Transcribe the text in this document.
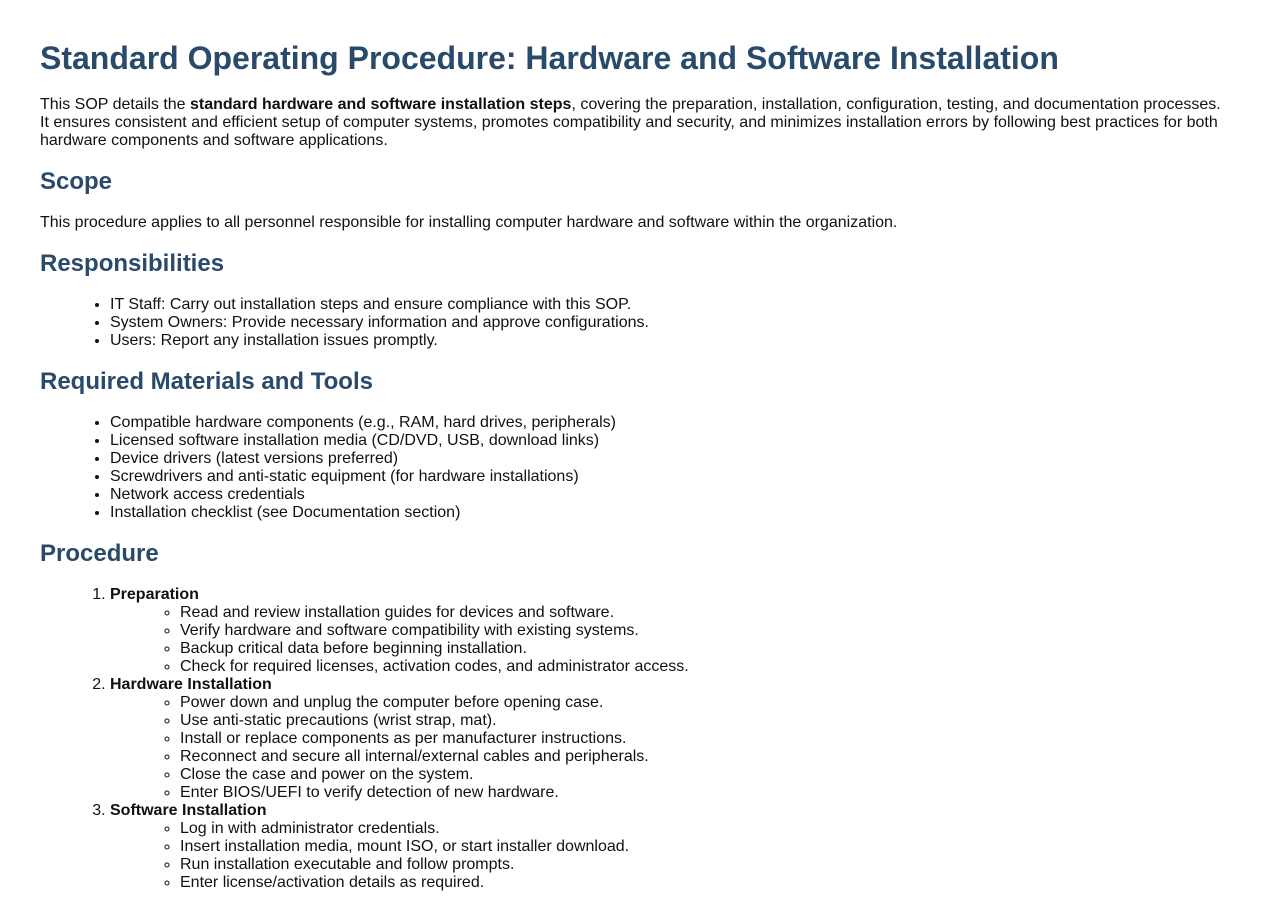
Standard Operating Procedure: Hardware and Software Installation

This SOP details the standard hardware and software installation steps, covering the preparation, installation, configuration, testing, and documentation processes. It ensures consistent and efficient setup of computer systems, promotes compatibility and security, and minimizes installation errors by following best practices for both hardware components and software applications.

Scope

This procedure applies to all personnel responsible for installing computer hardware and software within the organization.

Responsibilities
• IT Staff: Carry out installation steps and ensure compliance with this SOP.
• System Owners: Provide necessary information and approve configurations.
• Users: Report any installation issues promptly.
Required Materials and Tools
• Compatible hardware components (e.g., RAM, hard drives, peripherals)
• Licensed software installation media (CD/DVD, USB, download links)
• Device drivers (latest versions preferred)
• Screwdrivers and anti-static equipment (for hardware installations)
• Network access credentials
• Installation checklist (see Documentation section)
Procedure
1. Preparation
◦ Read and review installation guides for devices and software.
◦ Verify hardware and software compatibility with existing systems.
◦ Backup critical data before beginning installation.
◦ Check for required licenses, activation codes, and administrator access.
2. Hardware Installation
◦ Power down and unplug the computer before opening case.
◦ Use anti-static precautions (wrist strap, mat).
◦ Install or replace components as per manufacturer instructions.
◦ Reconnect and secure all internal/external cables and peripherals.
◦ Close the case and power on the system.
◦ Enter BIOS/UEFI to verify detection of new hardware.
3. Software Installation
◦ Log in with administrator credentials.
◦ Insert installation media, mount ISO, or start installer download.
◦ Run installation executable and follow prompts.
◦ Enter license/activation details as required.
